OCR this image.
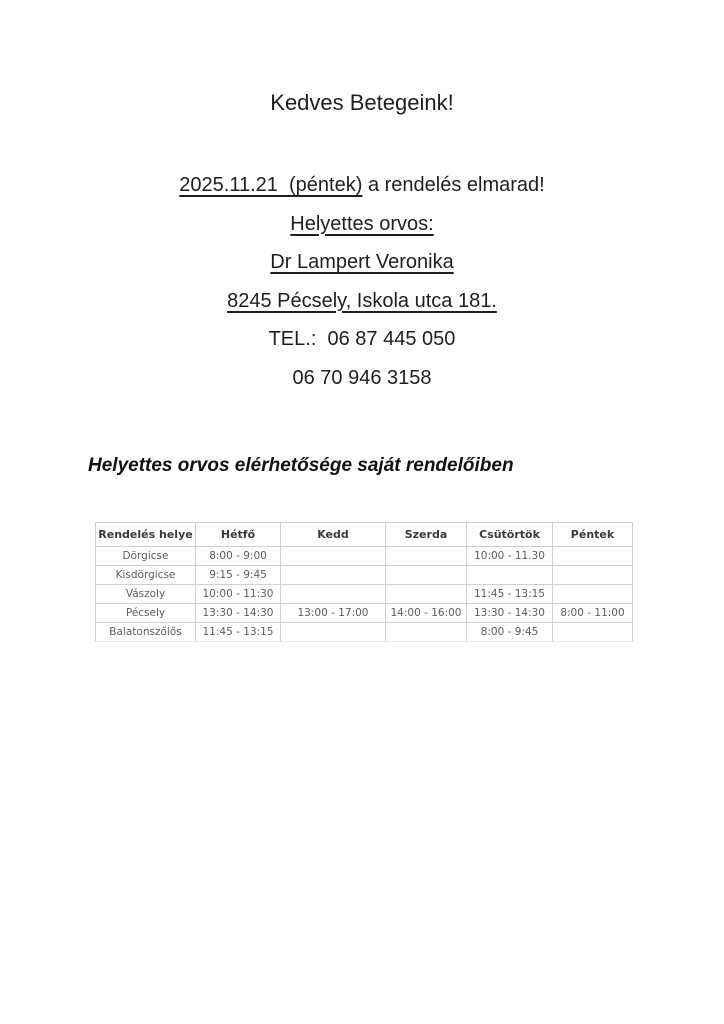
Kedves Betegeink!

2025.11.21  (péntek) a rendelés elmarad!

Helyettes orvos:

Dr Lampert Veronika

8245 Pécsely, Iskola utca 181.

TEL.:  06 87 445 050

06 70 946 3158

Helyettes orvos elérhetősége saját rendelőiben
Rendelés helye	Hétfő	Kedd	Szerda	Csütörtök	Péntek
Dörgicse	8:00 - 9:00			10:00 - 11.30	
Kisdörgicse	9:15 - 9:45				
Vászoly	10:00 - 11:30			11:45 - 13:15	
Pécsely	13:30 - 14:30	13:00 - 17:00	14:00 - 16:00	13:30 - 14:30	8:00 - 11:00
Balatonszőlős	11:45 - 13:15			8:00 - 9:45	
